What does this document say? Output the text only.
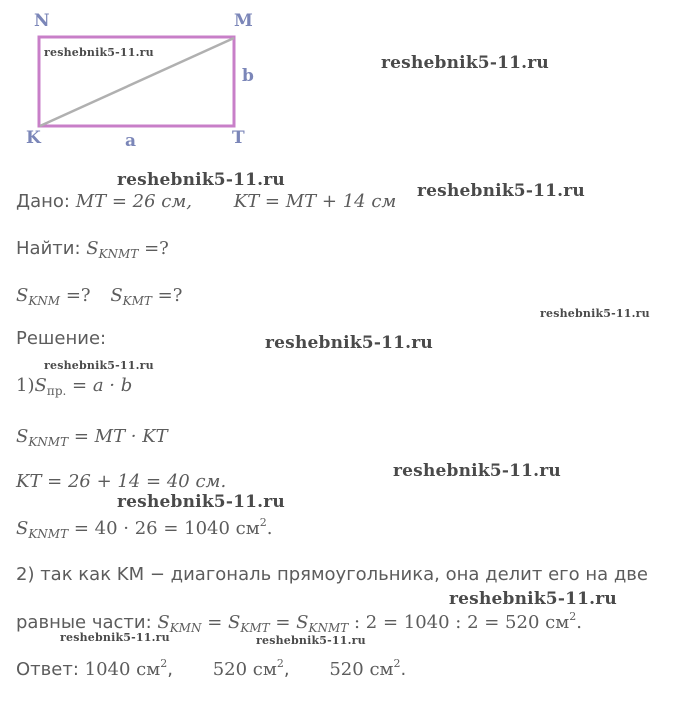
N	M
K	T
a
b
reshebnik5-11.ru
reshebnik5-11.ru
reshebnik5-11.ru
reshebnik5-11.ru
reshebnik5-11.ru
reshebnik5-11.ru
reshebnik5-11.ru
reshebnik5-11.ru
reshebnik5-11.ru
reshebnik5-11.ru
reshebnik5-11.ru	reshebnik5-11.ru
Дано: MT = 26 см, KT = MT + 14 см
Найти: $S_{KNMT}$ =?
$S_{KNM}$ =? $S_{KMT}$ =?
Решение:
$1)S_{пр.} = a \cdot b$
$S_{KNMT}$ = MT · KT
KT = 26 + 14 = 40 см.
$S_{KNMT} = 40 \cdot 26 = 1040$ $см^2$.
2) так как KM − диагональ прямоугольника, она делит его на две
равные части: $S_{KMN} = S_{KMT} = S_{KNMT}$ : 2 = 1040 : 2 = 520 $см^2$.
Ответ: 1040 $см^2$, 520 $см^2$, 520 $см^2$.
